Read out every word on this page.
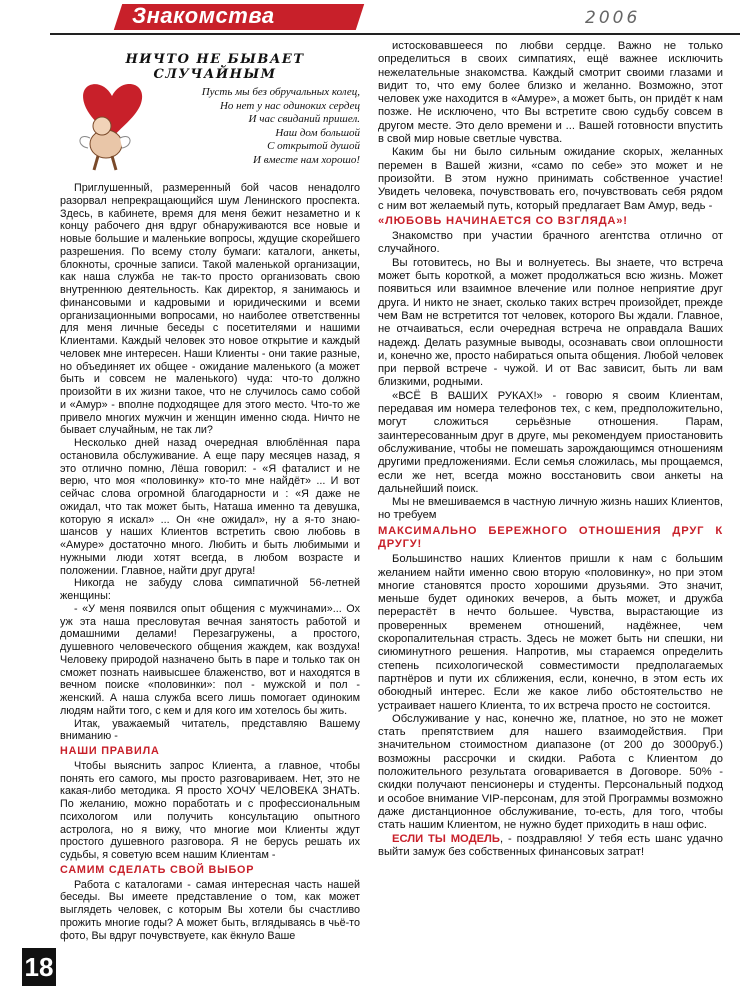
Знакомства	2006
НИЧТО НЕ БЫВАЕТ СЛУЧАЙНЫМ
Пусть мы без обручальных колец,
Но нет у нас одиноких сердец
И час свиданий пришел.
Наш дом большой
С открытой душой
И вместе нам хорошо!

Приглушенный, размеренный бой часов ненадолго разорвал непрекращающийся шум Ленинского проспекта. Здесь, в кабинете, время для меня бежит незаметно и к концу рабочего дня вдруг обнаруживаются все новые и новые большие и маленькие вопросы, ждущие скорейшего разрешения. По всему столу бумаги: каталоги, анкеты, блокноты, срочные записи. Такой маленькой организации, как наша служба не так-то просто организовать свою внутреннюю деятельность. Как директор, я занимаюсь и финансовыми и кадровыми и юридическими и всеми организационными вопросами, но наиболее ответственны для меня личные беседы с посетителями и нашими Клиентами. Каждый человек это новое открытие и каждый человек мне интересен. Наши Клиенты - они такие разные, но объединяет их общее - ожидание маленького (а может быть и совсем не маленького) чуда: что-то должно произойти в их жизни такое, что не случилось само собой и «Амур» - вполне подходящее для этого место. Что-то же привело многих мужчин и женщин именно сюда. Ничто не бывает случайным, не так ли?

Несколько дней назад очередная влюблённая пара остановила обслуживание. А еще пару месяцев назад, я это отлично помню, Лёша говорил: - «Я фаталист и не верю, что моя «половинку» кто-то мне найдёт» ... И вот сейчас слова огромной благодарности и : «Я даже не ожидал, что так может быть, Наташа именно та девушка, которую я искал» ... Он «не ожидал», ну а я-то знаю-шансов у наших Клиентов встретить свою любовь в «Амуре» достаточно много. Любить и быть любимыми и нужными люди хотят всегда, в любом возрасте и положении. Главное, найти друг друга!

Никогда не забуду слова симпатичной 56-летней женщины:

- «У меня появился опыт общения с мужчинами»... Ох уж эта наша пресловутая вечная занятость работой и домашними делами! Перезагружены, а простого, душевного человеческого общения жаждем, как воздуха! Человеку природой назначено быть в паре и только так он сможет познать наивысшее блаженство, вот и находятся в вечном поиске «половинки»: пол - мужской и пол - женский. А наша служба всего лишь помогает одиноким людям найти того, с кем и для кого им хотелось бы жить.

Итак, уважаемый читатель, представляю Вашему вниманию -

НАШИ ПРАВИЛА

Чтобы выяснить запрос Клиента, а главное, чтобы понять его самого, мы просто разговариваем. Нет, это не какая-либо методика. Я просто ХОЧУ ЧЕЛОВЕКА ЗНАТЬ. По желанию, можно поработать и с профессиональным психологом или получить консультацию опытного астролога, но я вижу, что многие мои Клиенты ждут простого душевного разговора. Я не берусь решать их судьбы, я советую всем нашим Клиентам -

САМИМ СДЕЛАТЬ СВОЙ ВЫБОР

Работа с каталогами - самая интересная часть нашей беседы. Вы имеете представление о том, как может выглядеть человек, с которым Вы хотели бы счастливо прожить многие годы? А может быть, вглядываясь в чьё-то фото, Вы вдруг почувствуете, как ёкнуло Ваше

истосковавшееся по любви сердце. Важно не только определиться в своих симпатиях, ещё важнее исключить нежелательные знакомства. Каждый смотрит своими глазами и видит то, что ему более близко и желанно. Возможно, этот человек уже находится в «Амуре», а может быть, он придёт к нам позже. Не исключено, что Вы встретите свою судьбу совсем в другом месте. Это дело времени и ... Вашей готовности впустить в свой мир новые светлые чувства.

Каким бы ни было сильным ожидание скорых, желанных перемен в Вашей жизни, «само по себе» это может и не произойти. В этом нужно принимать собственное участие! Увидеть человека, почувствовать его, почувствовать себя рядом с ним вот желаемый путь, который предлагает Вам Амур, ведь -

«ЛЮБОВЬ НАЧИНАЕТСЯ СО ВЗГЛЯДА»!

Знакомство при участии брачного агентства отлично от случайного.

Вы готовитесь, но Вы и волнуетесь. Вы знаете, что встреча может быть короткой, а может продолжаться всю жизнь. Может появиться или взаимное влечение или полное неприятие друг друга. И никто не знает, сколько таких встреч произойдет, прежде чем Вам не встретится тот человек, которого Вы ждали. Главное, не отчаиваться, если очередная встреча не оправдала Ваших надежд. Делать разумные выводы, осознавать свои оплошности и, конечно же, просто набираться опыта общения. Любой человек при первой встрече - чужой. И от Вас зависит, быть ли вам близкими, родными.

«ВСЁ В ВАШИХ РУКАХ!» - говорю я своим Клиентам, передавая им номера телефонов тех, с кем, предположительно, могут сложиться серьёзные отношения. Парам, заинтересованным друг в друге, мы рекомендуем приостановить обслуживание, чтобы не помешать зарождающимся отношениям другими предложениями. Если семья сложилась, мы прощаемся, если же нет, всегда можно восстановить свои анкеты на дальнейший поиск.

Мы не вмешиваемся в частную личную жизнь наших Клиентов, но требуем

МАКСИМАЛЬНО БЕРЕЖНОГО ОТНОШЕНИЯ ДРУГ К ДРУГУ!

Большинство наших Клиентов пришли к нам с большим желанием найти именно свою вторую «половинку», но при этом многие становятся просто хорошими друзьями. Это значит, меньше будет одиноких вечеров, а быть может, и дружба перерастёт в нечто большее. Чувства, вырастающие из проверенных временем отношений, надёжнее, чем скоропалительная страсть. Здесь не может быть ни спешки, ни сиюминутного решения. Напротив, мы стараемся определить степень психологической совместимости предполагаемых партнёров и пути их сближения, если, конечно, в этом есть их обоюдный интерес. Если же какое либо обстоятельство не устраивает нашего Клиента, то их встреча просто не состоится.

Обслуживание у нас, конечно же, платное, но это не может стать препятствием для нашего взаимодействия. При значительном стоимостном диапазоне (от 200 до 3000руб.) возможны рассрочки и скидки. Работа с Клиентом до положительного результата оговаривается в Договоре. 50% - скидки получают пенсионеры и студенты. Персональный подход и особое внимание VIP-персонам, для этой Программы возможно даже дистанционное обслуживание, то-есть, для того, чтобы стать нашим Клиентом, не нужно будет приходить в наш офис.

ЕСЛИ ТЫ МОДЕЛЬ, - поздравляю! У тебя есть шанс удачно выйти замуж без собственных финансовых затрат!

18
